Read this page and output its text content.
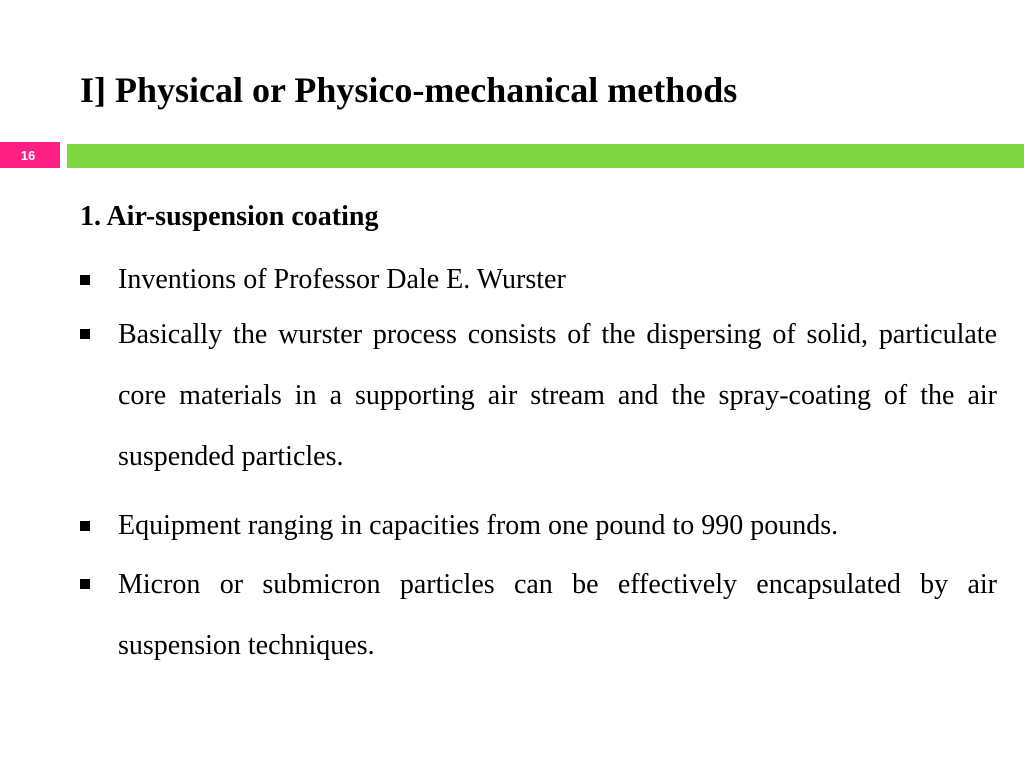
I] Physical or Physico-mechanical methods
16
1. Air-suspension coating
Inventions of Professor Dale E. Wurster
Basically the wurster process consists of the dispersing of solid, particulate core materials in a supporting air stream and the spray-coating of the air suspended particles.
Equipment ranging in capacities from one pound to 990 pounds.
Micron or submicron particles can be effectively encapsulated by air suspension techniques.
